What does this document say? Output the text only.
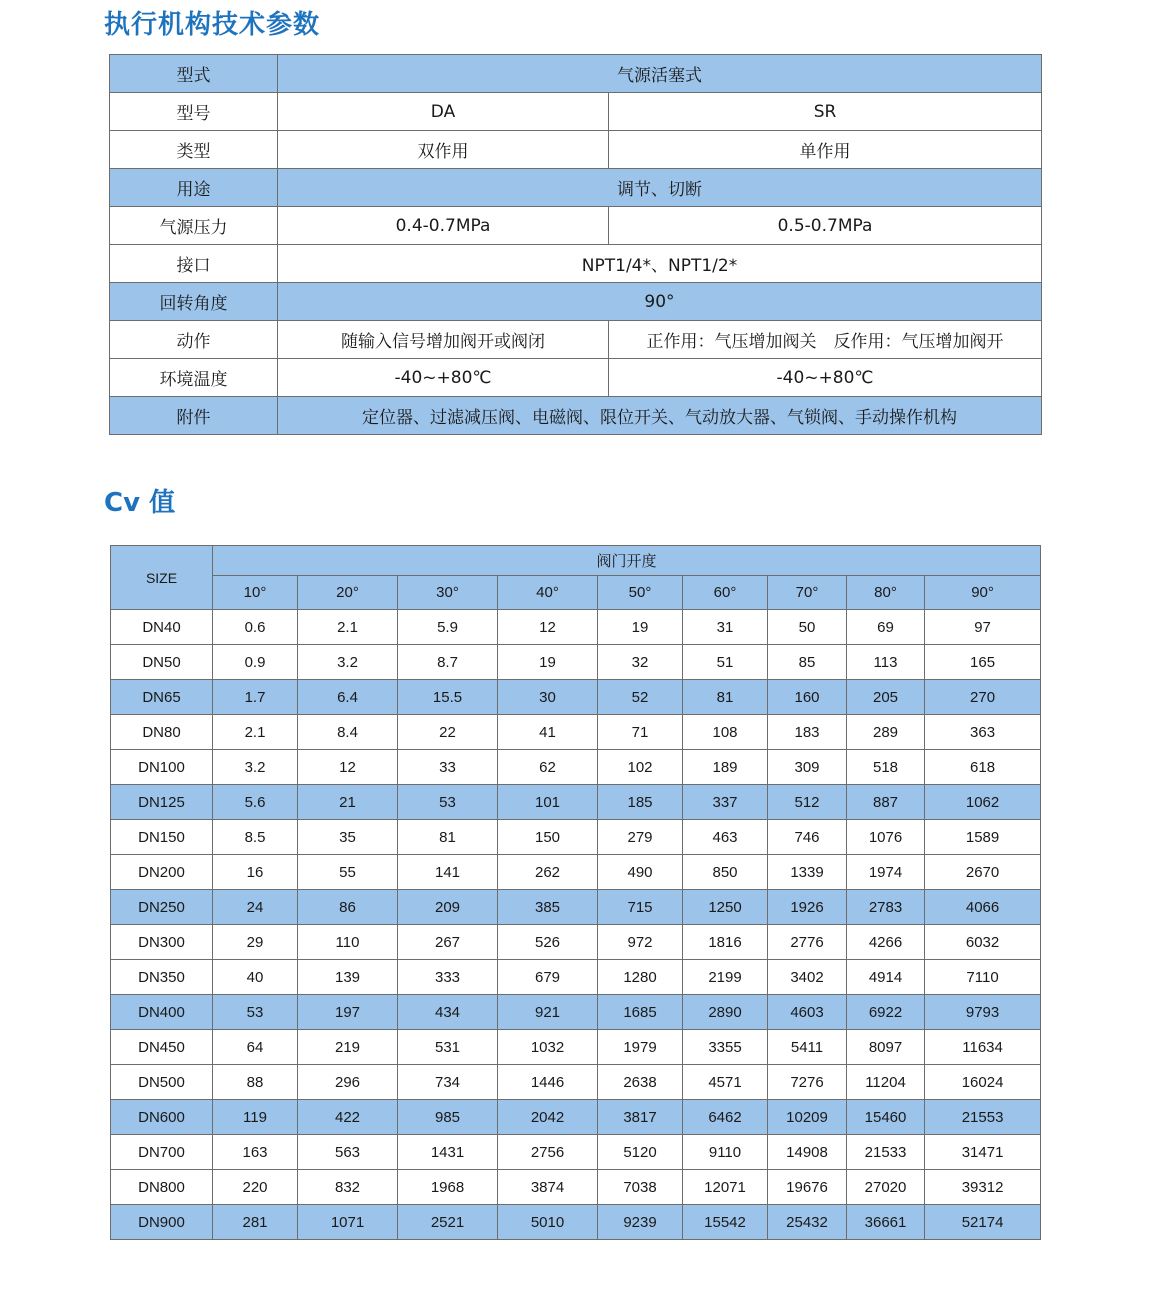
执行机构技术参数
型式	气源活塞式	
型号	DA	SR
类型	双作用	单作用
用途	调节、切断	
气源压力	0.4-0.7MPa	0.5-0.7MPa
接口	NPT1/4*、NPT1/2*	
回转角度	90°	
动作	随输入信号增加阀开或阀闭	正作用：气压增加阀关　反作用：气压增加阀开
环境温度	-40~+80℃	-40~+80℃
附件	定位器、过滤减压阀、电磁阀、限位开关、气动放大器、气锁阀、手动操作机构	
Cv 值
SIZE	阀门开度								
	10°	20°	30°	40°	50°	60°	70°	80°	90°
DN40	0.6	2.1	5.9	12	19	31	50	69	97
DN50	0.9	3.2	8.7	19	32	51	85	113	165
DN65	1.7	6.4	15.5	30	52	81	160	205	270
DN80	2.1	8.4	22	41	71	108	183	289	363
DN100	3.2	12	33	62	102	189	309	518	618
DN125	5.6	21	53	101	185	337	512	887	1062
DN150	8.5	35	81	150	279	463	746	1076	1589
DN200	16	55	141	262	490	850	1339	1974	2670
DN250	24	86	209	385	715	1250	1926	2783	4066
DN300	29	110	267	526	972	1816	2776	4266	6032
DN350	40	139	333	679	1280	2199	3402	4914	7110
DN400	53	197	434	921	1685	2890	4603	6922	9793
DN450	64	219	531	1032	1979	3355	5411	8097	11634
DN500	88	296	734	1446	2638	4571	7276	11204	16024
DN600	119	422	985	2042	3817	6462	10209	15460	21553
DN700	163	563	1431	2756	5120	9110	14908	21533	31471
DN800	220	832	1968	3874	7038	12071	19676	27020	39312
DN900	281	1071	2521	5010	9239	15542	25432	36661	52174
